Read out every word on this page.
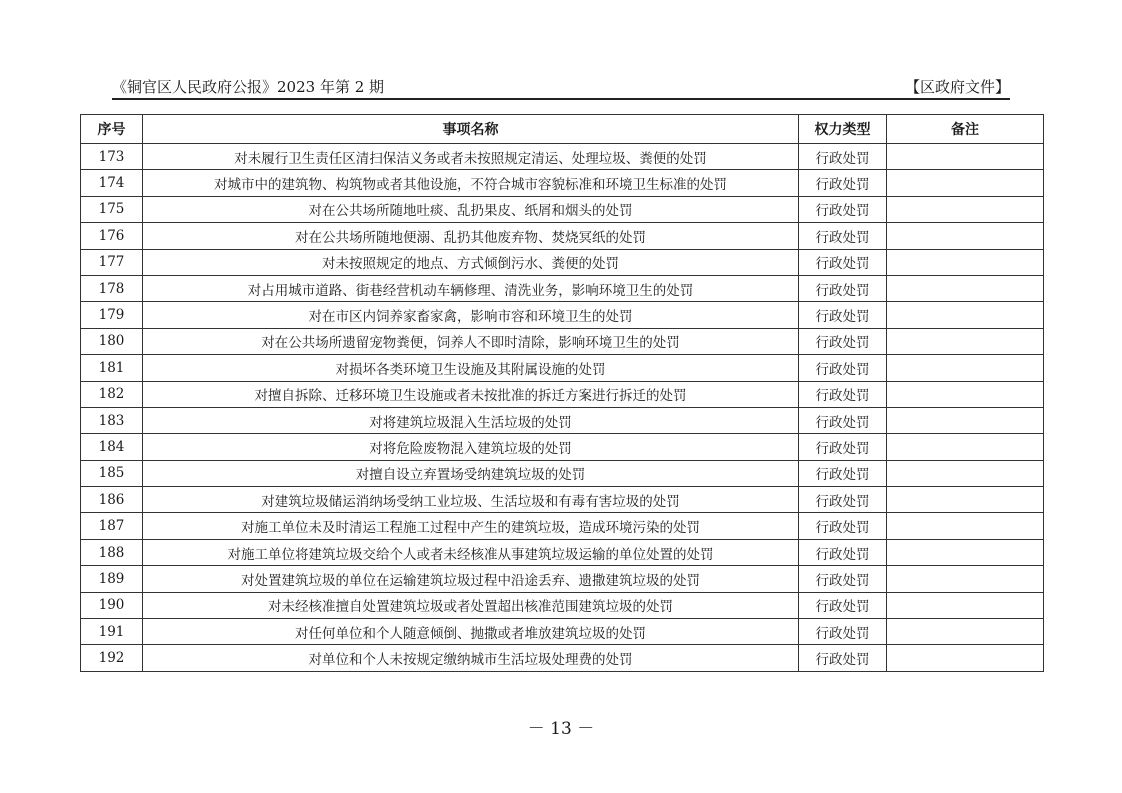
《铜官区人民政府公报》2023 年第 2 期	【区政府文件】
序号	事项名称	权力类型	备注
173	对未履行卫生责任区清扫保洁义务或者未按照规定清运、处理垃圾、粪便的处罚	行政处罚	
174	对城市中的建筑物、构筑物或者其他设施，不符合城市容貌标准和环境卫生标准的处罚	行政处罚	
175	对在公共场所随地吐痰、乱扔果皮、纸屑和烟头的处罚	行政处罚	
176	对在公共场所随地便溺、乱扔其他废弃物、焚烧冥纸的处罚	行政处罚	
177	对未按照规定的地点、方式倾倒污水、粪便的处罚	行政处罚	
178	对占用城市道路、街巷经营机动车辆修理、清洗业务，影响环境卫生的处罚	行政处罚	
179	对在市区内饲养家畜家禽，影响市容和环境卫生的处罚	行政处罚	
180	对在公共场所遗留宠物粪便，饲养人不即时清除，影响环境卫生的处罚	行政处罚	
181	对损坏各类环境卫生设施及其附属设施的处罚	行政处罚	
182	对擅自拆除、迁移环境卫生设施或者未按批准的拆迁方案进行拆迁的处罚	行政处罚	
183	对将建筑垃圾混入生活垃圾的处罚	行政处罚	
184	对将危险废物混入建筑垃圾的处罚	行政处罚	
185	对擅自设立弃置场受纳建筑垃圾的处罚	行政处罚	
186	对建筑垃圾储运消纳场受纳工业垃圾、生活垃圾和有毒有害垃圾的处罚	行政处罚	
187	对施工单位未及时清运工程施工过程中产生的建筑垃圾，造成环境污染的处罚	行政处罚	
188	对施工单位将建筑垃圾交给个人或者未经核准从事建筑垃圾运输的单位处置的处罚	行政处罚	
189	对处置建筑垃圾的单位在运输建筑垃圾过程中沿途丢弃、遗撒建筑垃圾的处罚	行政处罚	
190	对未经核准擅自处置建筑垃圾或者处置超出核准范围建筑垃圾的处罚	行政处罚	
191	对任何单位和个人随意倾倒、抛撒或者堆放建筑垃圾的处罚	行政处罚	
192	对单位和个人未按规定缴纳城市生活垃圾处理费的处罚	行政处罚	
－ 13 －
